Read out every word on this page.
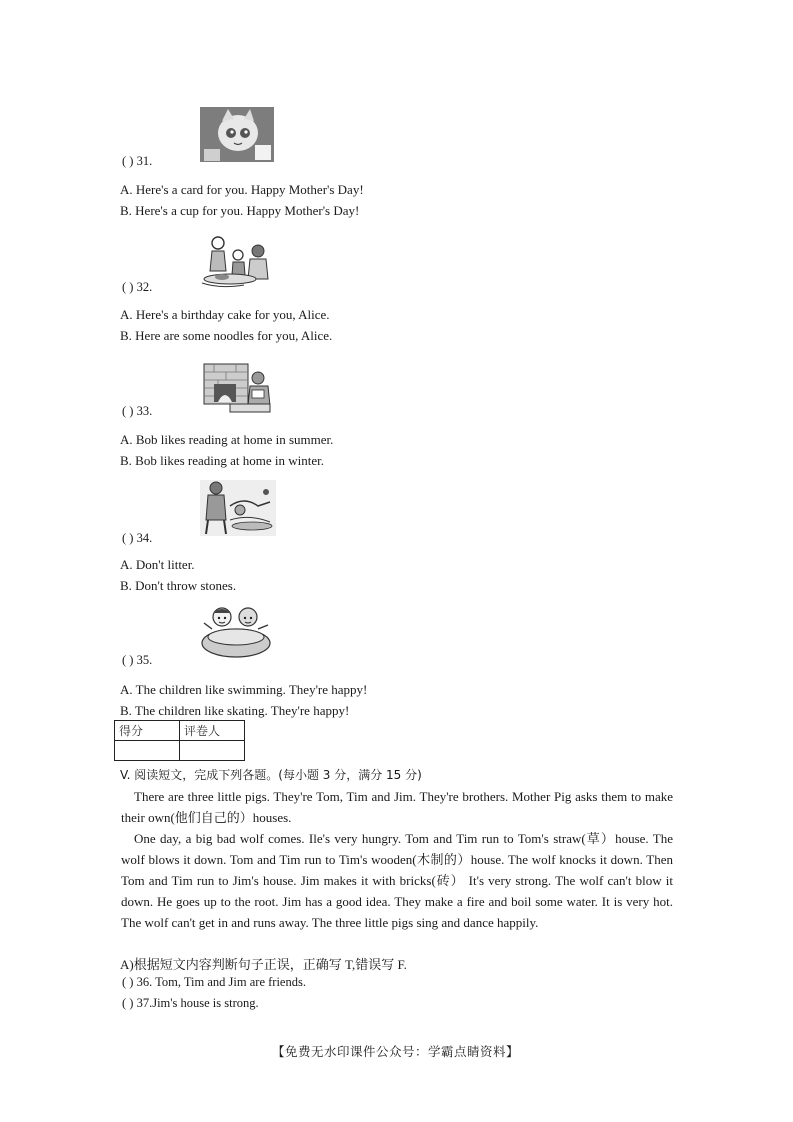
( ) 31.
A. Here's a card for you. Happy Mother's Day!
B. Here's a cup for you. Happy Mother's Day!
( ) 32.
A. Here's a birthday cake for you, Alice.
B. Here are some noodles for you, Alice.
( ) 33.
A. Bob likes reading at home in summer.
B. Bob likes reading at home in winter.
( ) 34.
A. Don't litter.
B. Don't throw stones.
( ) 35.
A. The children like swimming. They're happy!
B. The children like skating. They're happy!
得分	评卷人

V. 阅读短文，完成下列各题。(每小题 3 分，满分 15 分)
There are three little pigs. They're Tom, Tim and Jim. They're brothers. Mother Pig asks them to make their own(他们自己的）houses.
One day, a big bad wolf comes. Ile's very hungry. Tom and Tim run to Tom's straw(草）house. The wolf blows it down. Tom and Tim run to Tim's wooden(木制的）house. The wolf knocks it down. Then Tom and Tim run to Jim's house. Jim makes it with bricks(砖） It's very strong. The wolf can't blow it down. He goes up to the root. Jim has a good idea. They make a fire and boil some water. It is very hot. The wolf can't get in and runs away. The three little pigs sing and dance happily.
A)根据短文内容判断句子正误，正确写 T,错误写 F.
( ) 36. Tom, Tim and Jim are friends.
( ) 37.Jim's house is strong.
【免费无水印课件公众号：学霸点睛资料】
